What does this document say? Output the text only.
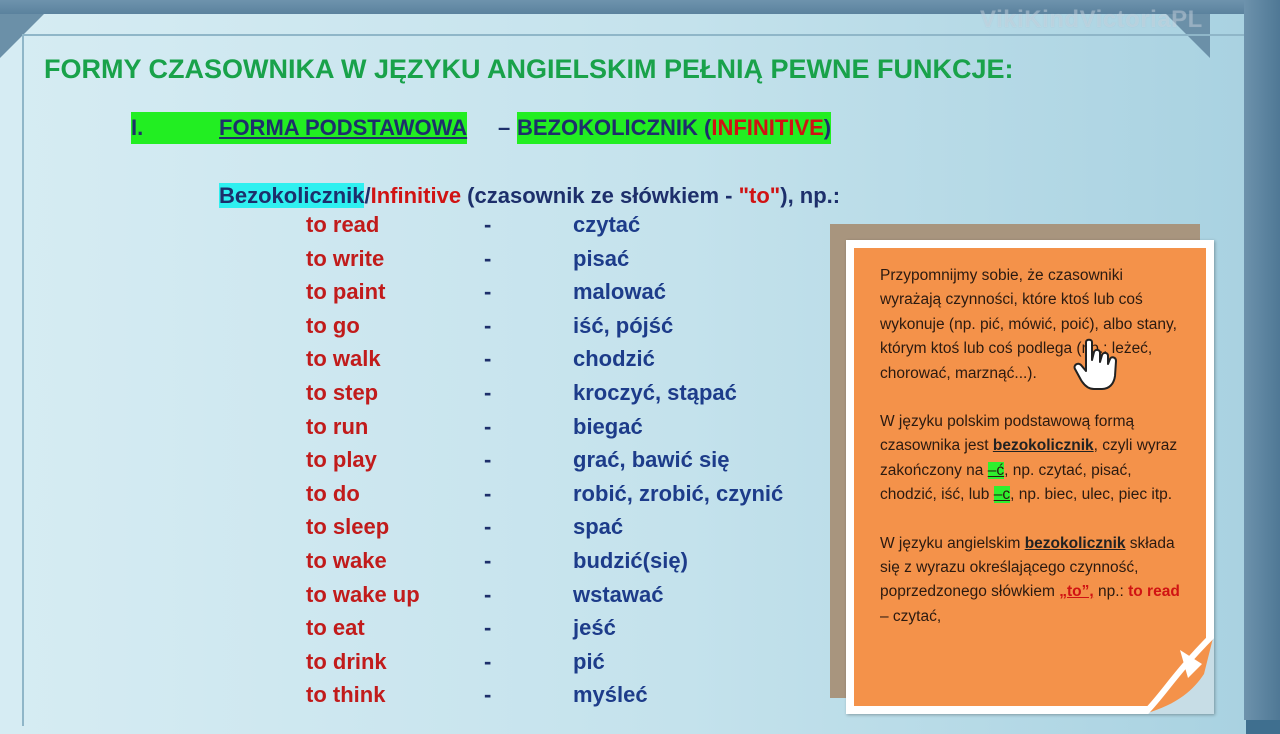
VikiKindVictoriaPL
FORMY CZASOWNIKA W JĘZYKU ANGIELSKIM PEŁNIĄ PEWNE FUNKCJE:
I.	FORMA PODSTAWOWA – BEZOKOLICZNIK (INFINITIVE)
Bezokolicznik/Infinitive (czasownik ze słówkiem - "to"), np.:
to read	-	czytać
to write	-	pisać
to paint	-	malować
to go	-	iść, pójść
to walk	-	chodzić
to step	-	kroczyć, stąpać
to run	-	biegać
to play	-	grać, bawić się
to do	-	robić, zrobić, czynić
to sleep	-	spać
to wake	-	budzić(się)
to wake up	-	wstawać
to eat	-	jeść
to drink	-	pić
to think	-	myśleć

Przypomnijmy sobie, że czasowniki wyrażają czynności, które ktoś lub coś wykonuje (np. pić, mówić, poić), albo stany, którym ktoś lub coś podlega (np.: leżeć, chorować, marznąć...).

W języku polskim podstawową formą czasownika jest bezokolicznik, czyli wyraz zakończony na –ć, np. czytać, pisać, chodzić, iść, lub –c, np. biec, ulec, piec itp.

W języku angielskim bezokolicznik składa się z wyrazu określającego czynność, poprzedzonego słówkiem „to”, np.: to read – czytać,
